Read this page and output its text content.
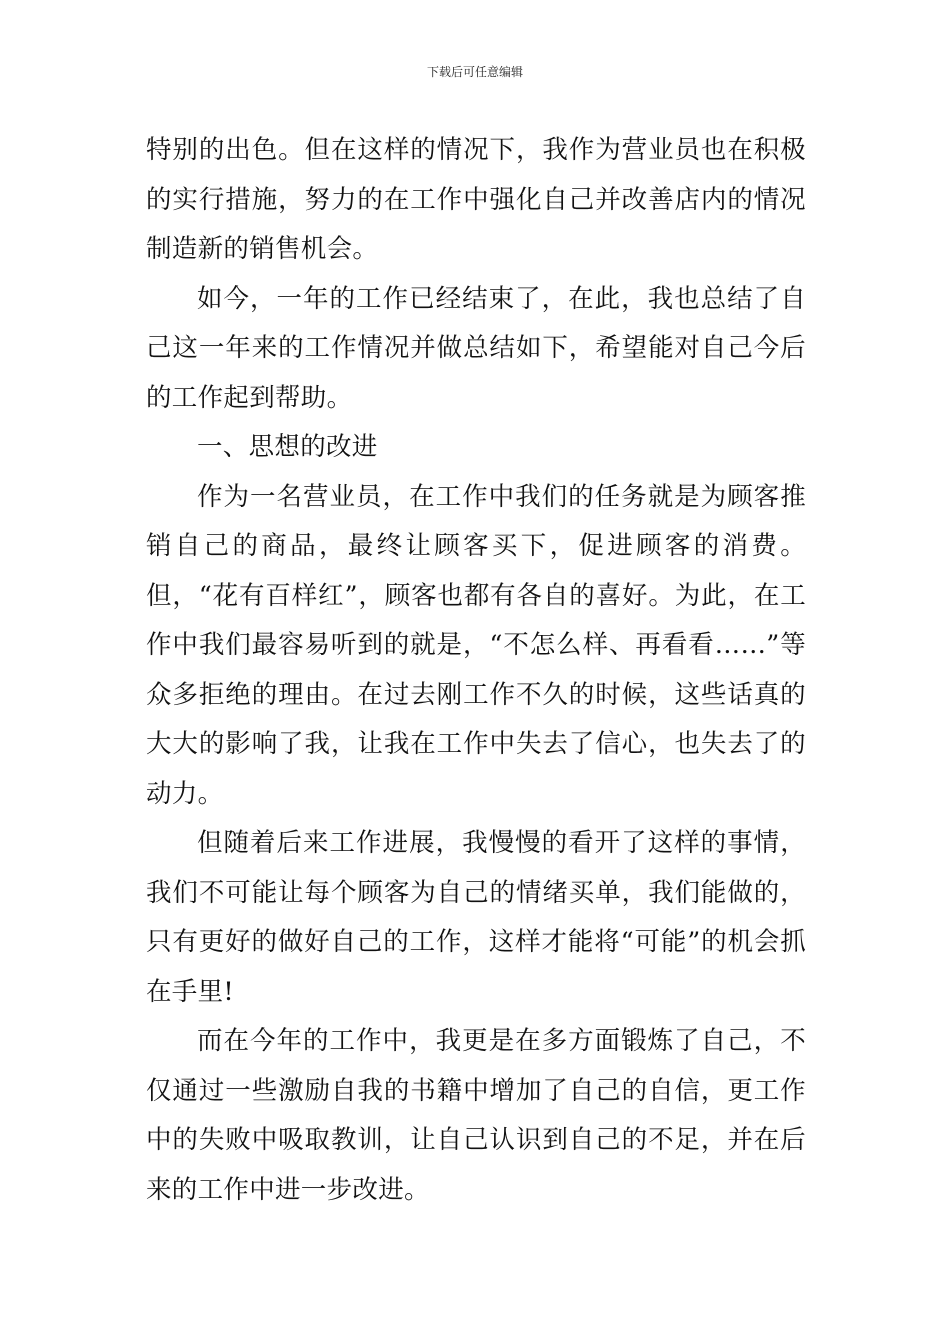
下载后可任意编辑

特别的出色。但在这样的情况下，我作为营业员也在积极的实行措施，努力的在工作中强化自己并改善店内的情况制造新的销售机会。

如今，一年的工作已经结束了，在此，我也总结了自己这一年来的工作情况并做总结如下，希望能对自己今后的工作起到帮助。

一、思想的改进

作为一名营业员，在工作中我们的任务就是为顾客推销自己的商品，最终让顾客买下，促进顾客的消费。但，“花有百样红”，顾客也都有各自的喜好。为此，在工作中我们最容易听到的就是，“不怎么样、再看看……”等众多拒绝的理由。在过去刚工作不久的时候，这些话真的大大的影响了我，让我在工作中失去了信心，也失去了的动力。

但随着后来工作进展，我慢慢的看开了这样的事情，我们不可能让每个顾客为自己的情绪买单，我们能做的，只有更好的做好自己的工作，这样才能将“可能”的机会抓在手里!

而在今年的工作中，我更是在多方面锻炼了自己，不仅通过一些激励自我的书籍中增加了自己的自信，更工作中的失败中吸取教训，让自己认识到自己的不足，并在后来的工作中进一步改进。
